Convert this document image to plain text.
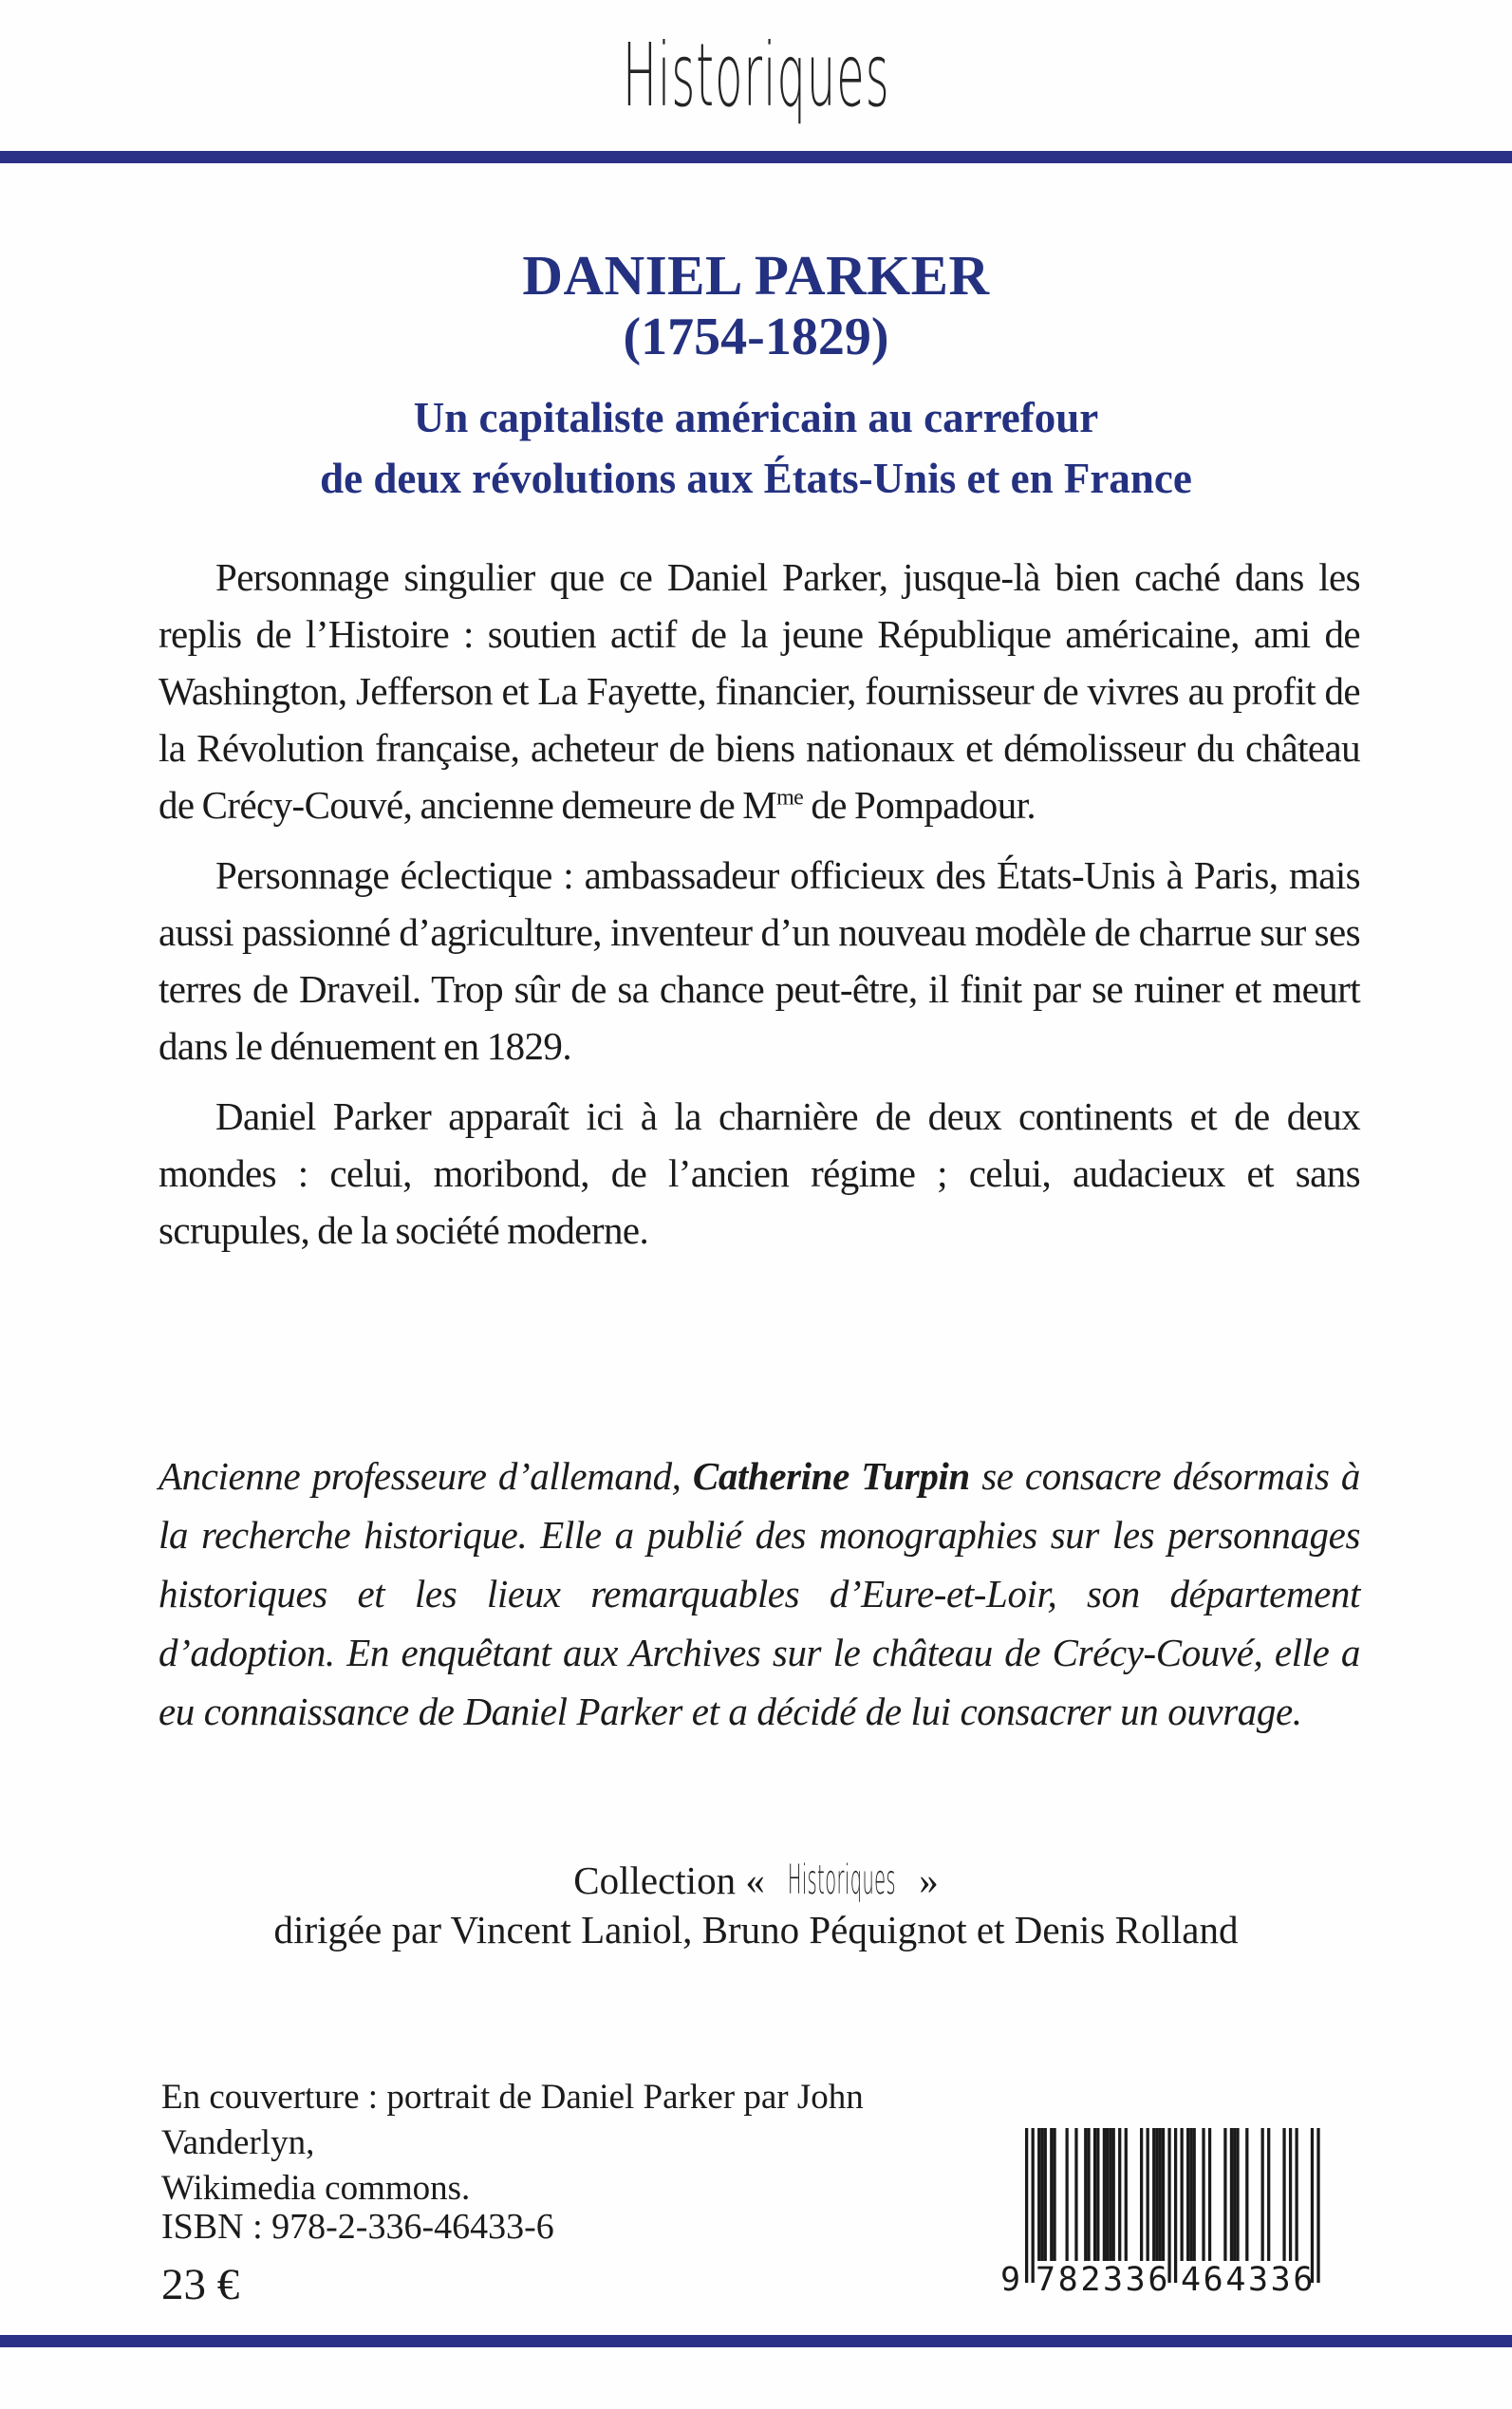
Historiques
DANIEL PARKER
(1754-1829)
Un capitaliste américain au carrefour
de deux révolutions aux États-Unis et en France

Personnage singulier que ce Daniel Parker, jusque-là bien caché dans les replis de l’Histoire : soutien actif de la jeune République américaine, ami de Washington, Jefferson et La Fayette, financier, fournisseur de vivres au profit de la Révolution française, acheteur de biens nationaux et démolisseur du château de Crécy-Couvé, ancienne demeure de $M^{me}$ de Pompadour.

Personnage éclectique : ambassadeur officieux des États-Unis à Paris, mais aussi passionné d’agriculture, inventeur d’un nouveau modèle de charrue sur ses terres de Draveil. Trop sûr de sa chance peut-être, il finit par se ruiner et meurt dans le dénuement en 1829.

Daniel Parker apparaît ici à la charnière de deux continents et de deux mondes : celui, moribond, de l’ancien régime ; celui, audacieux et sans scrupules, de la société moderne.

Ancienne professeure d’allemand, Catherine Turpin se consacre désormais à la recherche historique. Elle a publié des monographies sur les personnages historiques et les lieux remarquables d’Eure-et-Loir, son département d’adoption. En enquêtant aux Archives sur le château de Crécy-Couvé, elle a eu connaissance de Daniel Parker et a décidé de lui consacrer un ouvrage.
Collection « Historiques »
dirigée par Vincent Laniol, Bruno Péquignot et Denis Rolland
En couverture : portrait de Daniel Parker par John Vanderlyn,
Wikimedia commons.
ISBN : 978-2-336-46433-6
23 €	9 782336 464336
